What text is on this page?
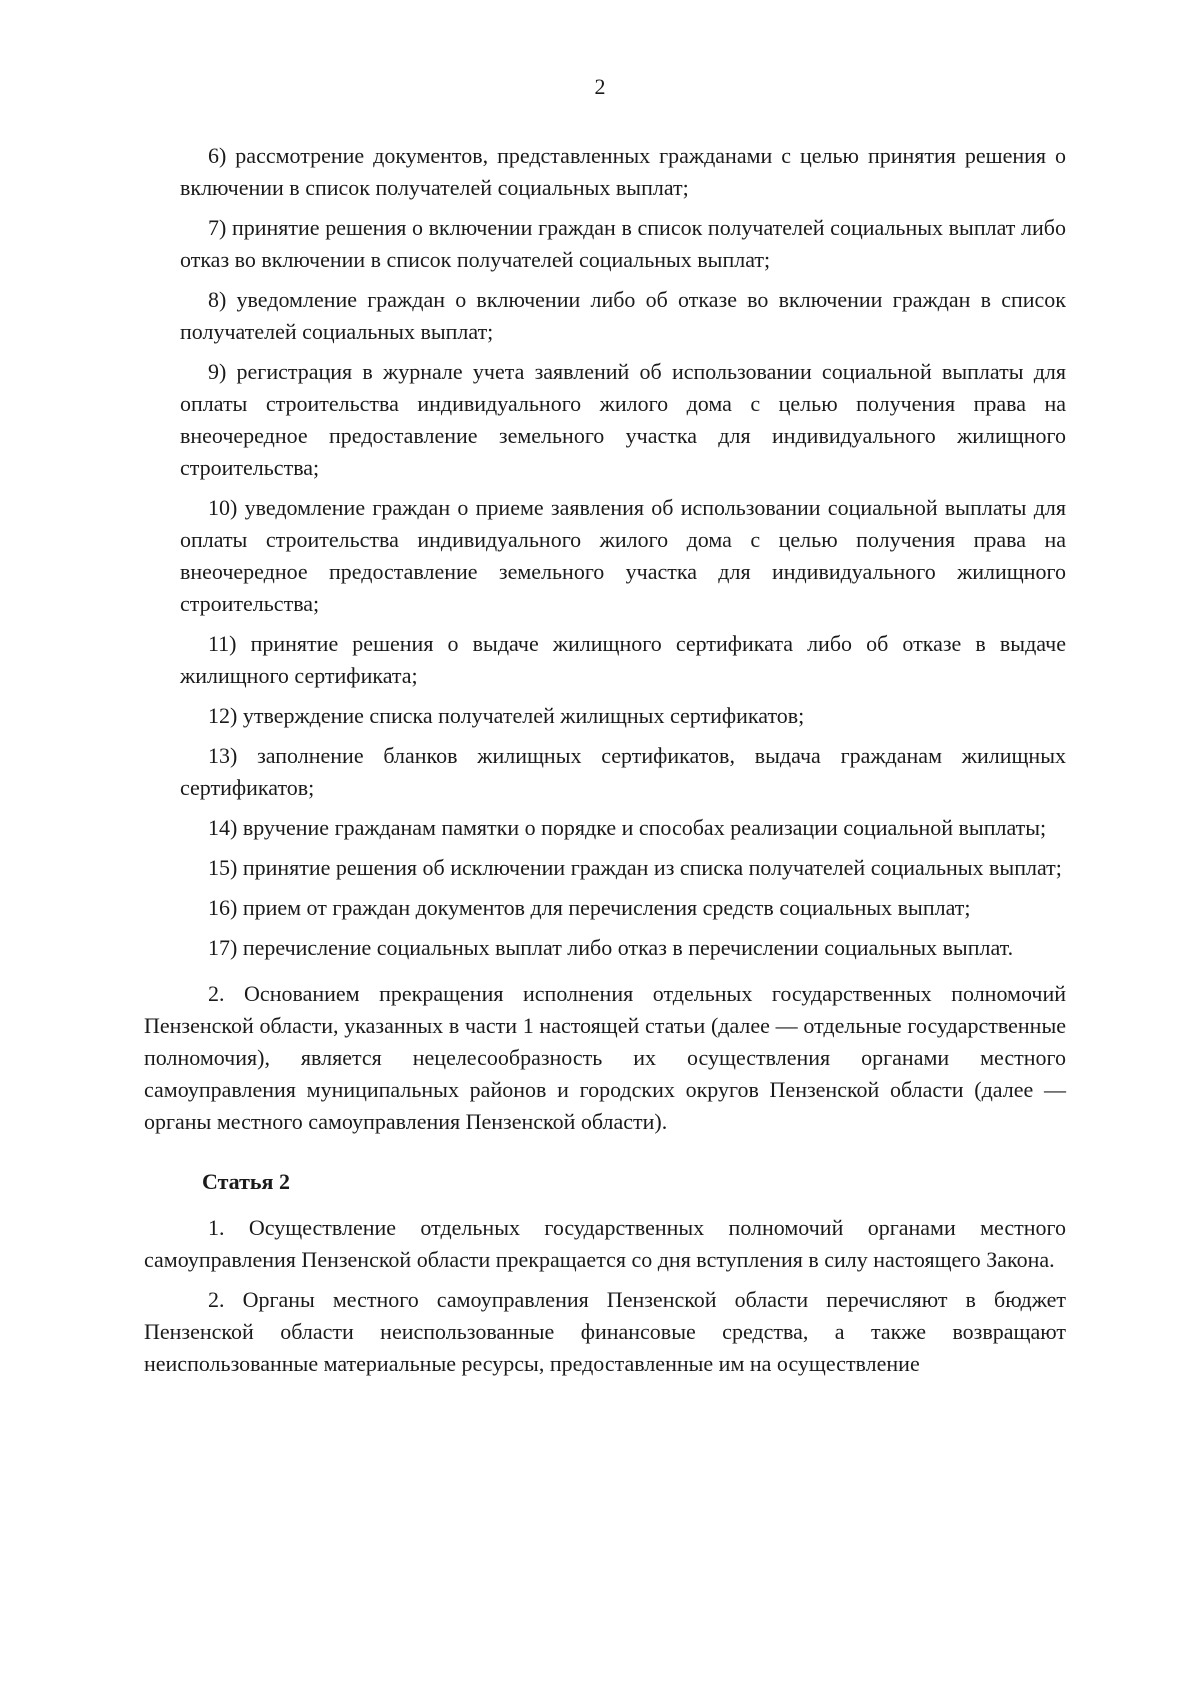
2

6) рассмотрение документов, представленных гражданами с целью принятия решения о включении в список получателей социальных выплат;

7) принятие решения о включении граждан в список получателей социальных выплат либо отказ во включении в список получателей социальных выплат;

8) уведомление граждан о включении либо об отказе во включении граждан в список получателей социальных выплат;

9) регистрация в журнале учета заявлений об использовании социальной выплаты для оплаты строительства индивидуального жилого дома с целью получения права на внеочередное предоставление земельного участка для индивидуального жилищного строительства;

10) уведомление граждан о приеме заявления об использовании социальной выплаты для оплаты строительства индивидуального жилого дома с целью получения права на внеочередное предоставление земельного участка для индивидуального жилищного строительства;

11) принятие решения о выдаче жилищного сертификата либо об отказе в выдаче жилищного сертификата;

12) утверждение списка получателей жилищных сертификатов;

13) заполнение бланков жилищных сертификатов, выдача гражданам жилищных сертификатов;

14) вручение гражданам памятки о порядке и способах реализации социальной выплаты;

15) принятие решения об исключении граждан из списка получателей социальных выплат;

16) прием от граждан документов для перечисления средств социальных выплат;

17) перечисление социальных выплат либо отказ в перечислении социальных выплат.

2. Основанием прекращения исполнения отдельных государственных полномочий Пензенской области, указанных в части 1 настоящей статьи (далее — отдельные государственные полномочия), является нецелесообразность их осуществления органами местного самоуправления муниципальных районов и городских округов Пензенской области (далее — органы местного самоуправления Пензенской области).

Статья 2

1. Осуществление отдельных государственных полномочий органами местного самоуправления Пензенской области прекращается со дня вступления в силу настоящего Закона.

2. Органы местного самоуправления Пензенской области перечисляют в бюджет Пензенской области неиспользованные финансовые средства, а также возвращают неиспользованные материальные ресурсы, предоставленные им на осуществление
